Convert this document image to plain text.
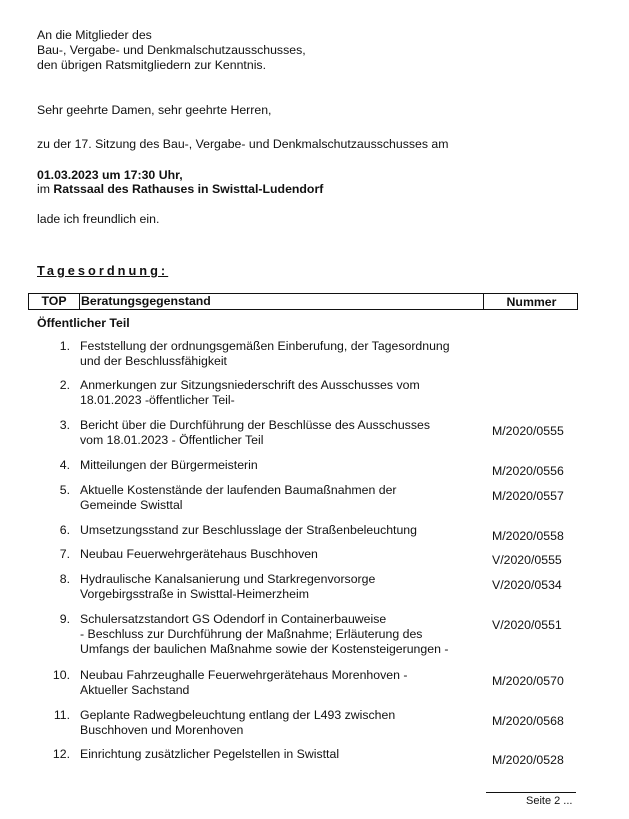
An die Mitglieder des
Bau-, Vergabe- und Denkmalschutzausschusses,
den übrigen Ratsmitgliedern zur Kenntnis.
Sehr geehrte Damen, sehr geehrte Herren,
zu der 17. Sitzung des Bau-, Vergabe- und Denkmalschutzausschusses am
01.03.2023 um 17:30 Uhr,
im Ratssaal des Rathauses in Swisttal-Ludendorf
lade ich freundlich ein.
Tagesordnung:
TOP	Beratungsgegenstand	Nummer
Öffentlicher Teil
1. Feststellung der ordnungsgemäßen Einberufung, der Tagesordnung
und der Beschlussfähigkeit
2. Anmerkungen zur Sitzungsniederschrift des Ausschusses vom
18.01.2023 -öffentlicher Teil-
3. Bericht über die Durchführung der Beschlüsse des Ausschusses
vom 18.01.2023 - Öffentlicher Teil
M/2020/0555
4. Mitteilungen der Bürgermeisterin	M/2020/0556
5. Aktuelle Kostenstände der laufenden Baumaßnahmen der
Gemeinde Swisttal
M/2020/0557
6. Umsetzungsstand zur Beschlusslage der Straßenbeleuchtung	M/2020/0558
7. Neubau Feuerwehrgerätehaus Buschhoven	V/2020/0555
8. Hydraulische Kanalsanierung und Starkregenvorsorge
Vorgebirgsstraße in Swisttal-Heimerzheim
V/2020/0534
9. Schulersatzstandort GS Odendorf in Containerbauweise
- Beschluss zur Durchführung der Maßnahme; Erläuterung des
Umfangs der baulichen Maßnahme sowie der Kostensteigerungen -
V/2020/0551
10. Neubau Fahrzeughalle Feuerwehrgerätehaus Morenhoven -
Aktueller Sachstand
M/2020/0570
11. Geplante Radwegbeleuchtung entlang der L493 zwischen
Buschhoven und Morenhoven
M/2020/0568
12. Einrichtung zusätzlicher Pegelstellen in Swisttal	M/2020/0528
Seite 2 ...
